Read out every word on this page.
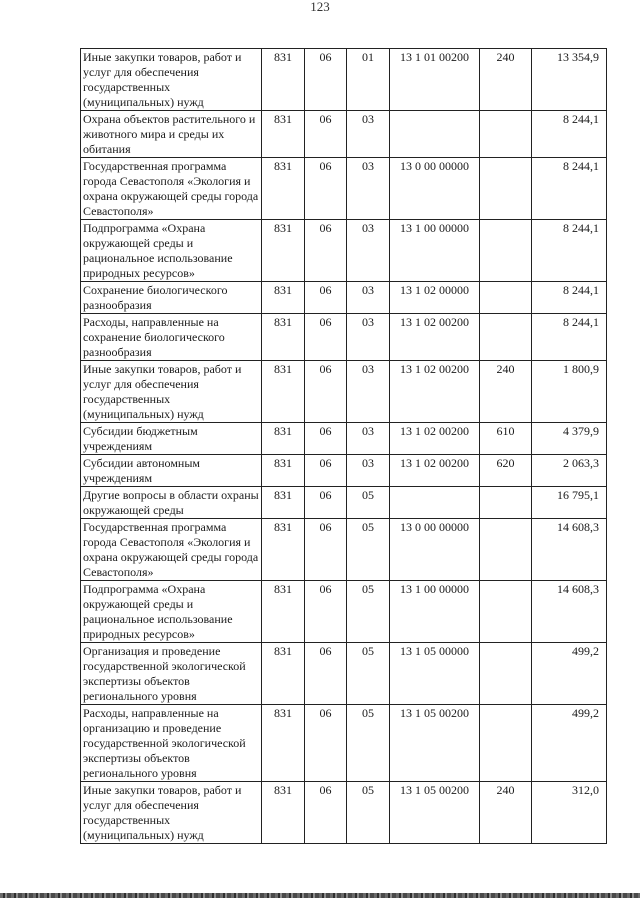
123
Иные закупки товаров, работ и услуг для обеспечения государственных (муниципальных) нужд	831	06	01	13 1 01 00200	240	13 354,9
Охрана объектов растительного и животного мира и среды их обитания	831	06	03			8 244,1
Государственная программа города Севастополя «Экология и охрана окружающей среды города Севастополя»	831	06	03	13 0 00 00000		8 244,1
Подпрограмма «Охрана окружающей среды и рациональное использование природных ресурсов»	831	06	03	13 1 00 00000		8 244,1
Сохранение биологического разнообразия	831	06	03	13 1 02 00000		8 244,1
Расходы, направленные на сохранение биологического разнообразия	831	06	03	13 1 02 00200		8 244,1
Иные закупки товаров, работ и услуг для обеспечения государственных (муниципальных) нужд	831	06	03	13 1 02 00200	240	1 800,9
Субсидии бюджетным учреждениям	831	06	03	13 1 02 00200	610	4 379,9
Субсидии автономным учреждениям	831	06	03	13 1 02 00200	620	2 063,3
Другие вопросы в области охраны окружающей среды	831	06	05			16 795,1
Государственная программа города Севастополя «Экология и охрана окружающей среды города Севастополя»	831	06	05	13 0 00 00000		14 608,3
Подпрограмма «Охрана окружающей среды и рациональное использование природных ресурсов»	831	06	05	13 1 00 00000		14 608,3
Организация и проведение государственной экологической экспертизы объектов регионального уровня	831	06	05	13 1 05 00000		499,2
Расходы, направленные на организацию и проведение государственной экологической экспертизы объектов регионального уровня	831	06	05	13 1 05 00200		499,2
Иные закупки товаров, работ и услуг для обеспечения государственных (муниципальных) нужд	831	06	05	13 1 05 00200	240	312,0
